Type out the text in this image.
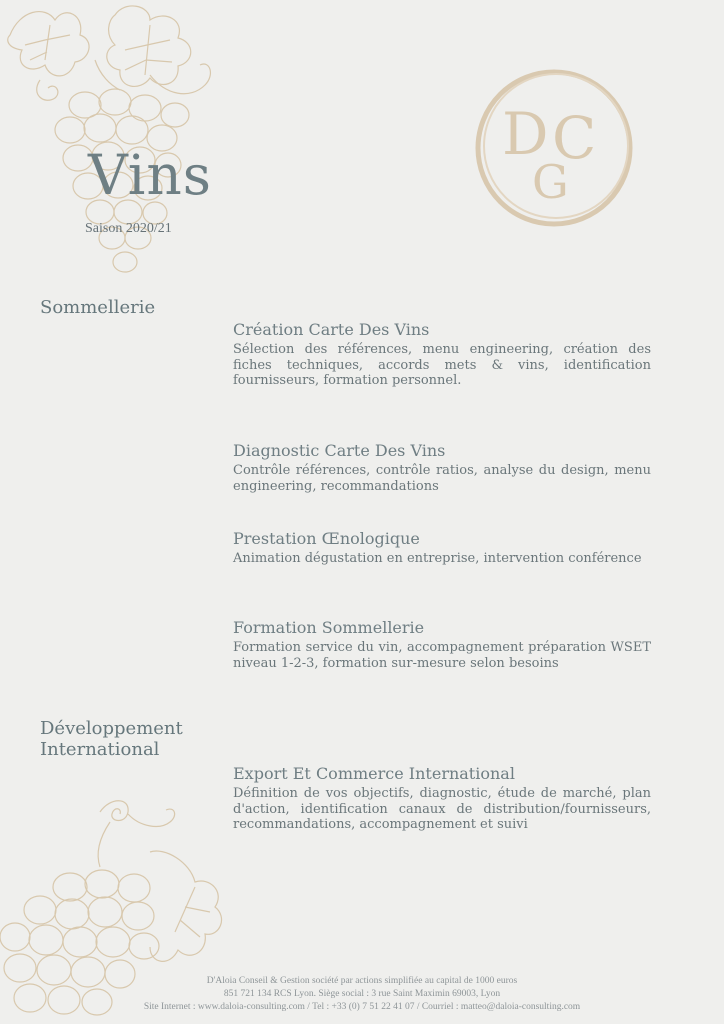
D C
G
Vins
Saison 2020/21
Sommellerie
Création Carte Des Vins

Sélection des références, menu engineering, création des fiches techniques, accords mets & vins, identification fournisseurs, formation personnel.

Diagnostic Carte Des Vins

Contrôle références, contrôle ratios, analyse du design, menu engineering, recommandations

Prestation Œnologique

Animation dégustation en entreprise, intervention conférence

Formation Sommellerie

Formation service du vin, accompagnement préparation WSET niveau 1-2-3, formation sur-mesure selon besoins

Développement
International
Export Et Commerce International

Définition de vos objectifs, diagnostic, étude de marché, plan d'action, identification canaux de distribution/fournisseurs, recommandations, accompagnement et suivi

D'Aloia Conseil & Gestion société par actions simplifiée au capital de 1000 euros
851 721 134 RCS Lyon. Siège social : 3 rue Saint Maximin 69003, Lyon
Site Internet : www.daloia-consulting.com / Tel : +33 (0) 7 51 22 41 07 / Courriel : matteo@daloia-consulting.com
